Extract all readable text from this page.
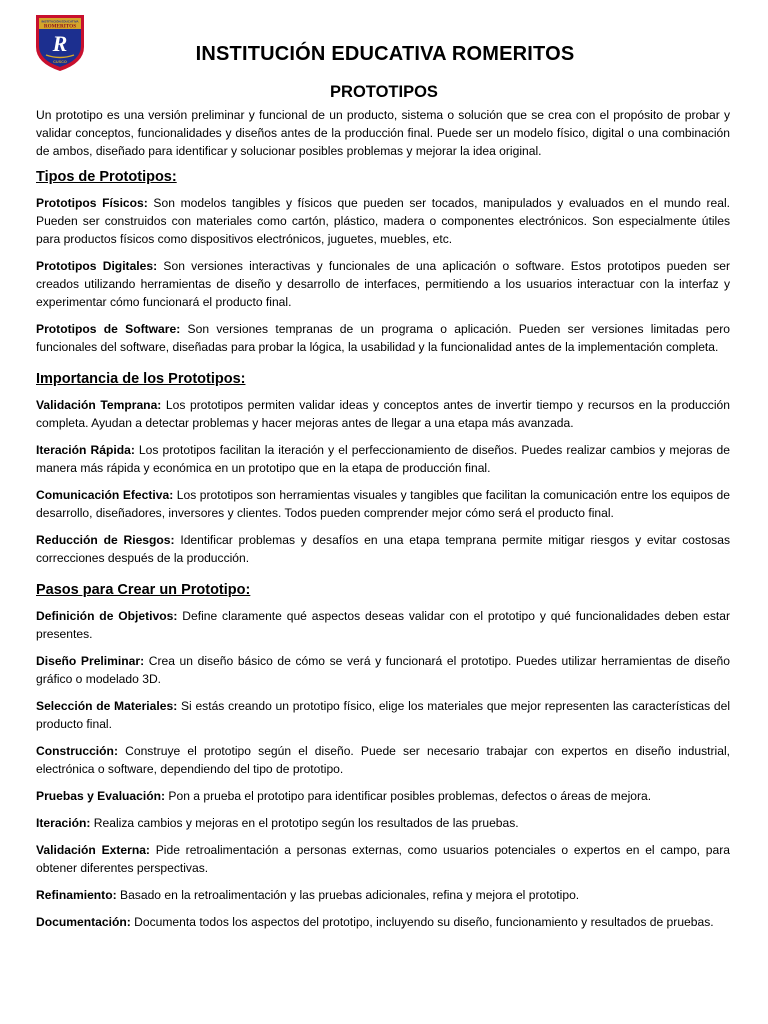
INSTITUCIÓN EDUCATIVA
ROMERITOS
R
CUSCO	INSTITUCIÓN EDUCATIVA ROMERITOS
PROTOTIPOS

Un prototipo es una versión preliminar y funcional de un producto, sistema o solución que se crea con el propósito de probar y validar conceptos, funcionalidades y diseños antes de la producción final. Puede ser un modelo físico, digital o una combinación de ambos, diseñado para identificar y solucionar posibles problemas y mejorar la idea original.

Tipos de Prototipos:

Prototipos Físicos: Son modelos tangibles y físicos que pueden ser tocados, manipulados y evaluados en el mundo real. Pueden ser construidos con materiales como cartón, plástico, madera o componentes electrónicos. Son especialmente útiles para productos físicos como dispositivos electrónicos, juguetes, muebles, etc.

Prototipos Digitales: Son versiones interactivas y funcionales de una aplicación o software. Estos prototipos pueden ser creados utilizando herramientas de diseño y desarrollo de interfaces, permitiendo a los usuarios interactuar con la interfaz y experimentar cómo funcionará el producto final.

Prototipos de Software: Son versiones tempranas de un programa o aplicación. Pueden ser versiones limitadas pero funcionales del software, diseñadas para probar la lógica, la usabilidad y la funcionalidad antes de la implementación completa.

Importancia de los Prototipos:

Validación Temprana: Los prototipos permiten validar ideas y conceptos antes de invertir tiempo y recursos en la producción completa. Ayudan a detectar problemas y hacer mejoras antes de llegar a una etapa más avanzada.

Iteración Rápida: Los prototipos facilitan la iteración y el perfeccionamiento de diseños. Puedes realizar cambios y mejoras de manera más rápida y económica en un prototipo que en la etapa de producción final.

Comunicación Efectiva: Los prototipos son herramientas visuales y tangibles que facilitan la comunicación entre los equipos de desarrollo, diseñadores, inversores y clientes. Todos pueden comprender mejor cómo será el producto final.

Reducción de Riesgos: Identificar problemas y desafíos en una etapa temprana permite mitigar riesgos y evitar costosas correcciones después de la producción.

Pasos para Crear un Prototipo:

Definición de Objetivos: Define claramente qué aspectos deseas validar con el prototipo y qué funcionalidades deben estar presentes.

Diseño Preliminar: Crea un diseño básico de cómo se verá y funcionará el prototipo. Puedes utilizar herramientas de diseño gráfico o modelado 3D.

Selección de Materiales: Si estás creando un prototipo físico, elige los materiales que mejor representen las características del producto final.

Construcción: Construye el prototipo según el diseño. Puede ser necesario trabajar con expertos en diseño industrial, electrónica o software, dependiendo del tipo de prototipo.

Pruebas y Evaluación: Pon a prueba el prototipo para identificar posibles problemas, defectos o áreas de mejora.

Iteración: Realiza cambios y mejoras en el prototipo según los resultados de las pruebas.

Validación Externa: Pide retroalimentación a personas externas, como usuarios potenciales o expertos en el campo, para obtener diferentes perspectivas.

Refinamiento: Basado en la retroalimentación y las pruebas adicionales, refina y mejora el prototipo.

Documentación: Documenta todos los aspectos del prototipo, incluyendo su diseño, funcionamiento y resultados de pruebas.
